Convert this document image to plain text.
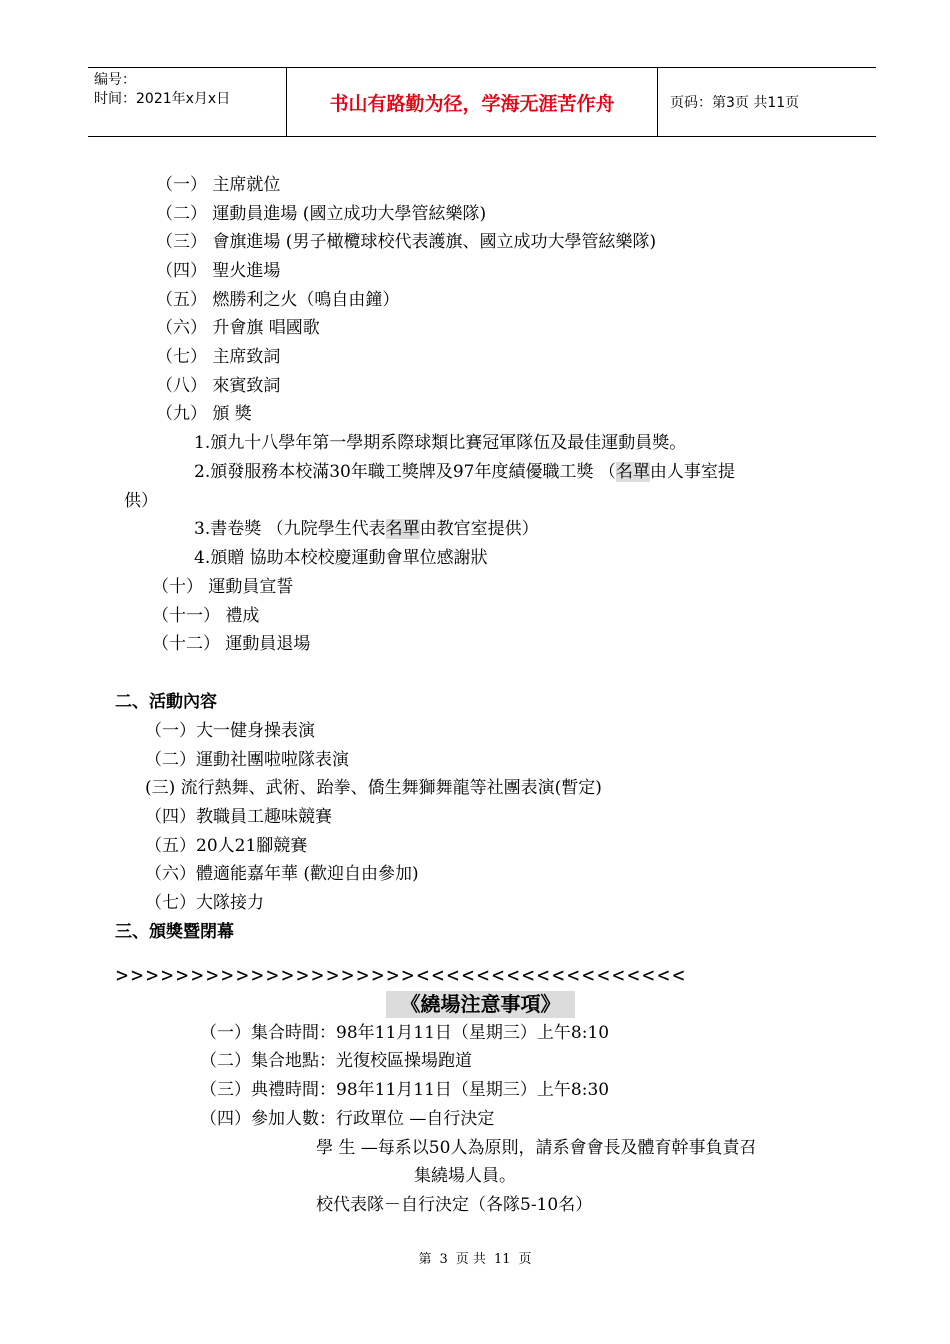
编号：
时间：2021年x月x日	书山有路勤为径，学海无涯苦作舟	页码：第3页 共11页
（一） 主席就位
（二） 運動員進場 (國立成功大學管絃樂隊)
（三） 會旗進場 (男子橄欖球校代表護旗、國立成功大學管絃樂隊)
（四） 聖火進場
（五） 燃勝利之火（鳴自由鐘）
（六） 升會旗 唱國歌
（七） 主席致詞
（八） 來賓致詞
（九） 頒 獎
1.頒九十八學年第一學期系際球類比賽冠軍隊伍及最佳運動員獎。
2.頒發服務本校滿30年職工獎牌及97年度績優職工獎 （名單由人事室提
供）
3.書卷獎 （九院學生代表名單由教官室提供）
4.頒贈 協助本校校慶運動會單位感謝狀
（十） 運動員宣誓
（十一） 禮成
（十二） 運動員退場
二、活動內容
（一）大一健身操表演
（二）運動社團啦啦隊表演
(三) 流行熱舞、武術、跆拳、僑生舞獅舞龍等社團表演(暫定)
（四）教職員工趣味競賽
（五）20人21腳競賽
（六）體適能嘉年華 (歡迎自由參加)
（七）大隊接力
三、頒獎暨閉幕
>>>>>>>>>>>>>>>>>>>><<<<<<<<<<<<<<<<<<
《繞場注意事項》
（一）集合時間：98年11月11日（星期三）上午8:10
（二）集合地點：光復校區操場跑道
（三）典禮時間：98年11月11日（星期三）上午8:30
（四）參加人數：行政單位 —自行決定
學 生 —每系以50人為原則，請系會會長及體育幹事負責召
集繞場人員。
校代表隊－自行決定（各隊5-10名）
第 3 页 共 11 页
